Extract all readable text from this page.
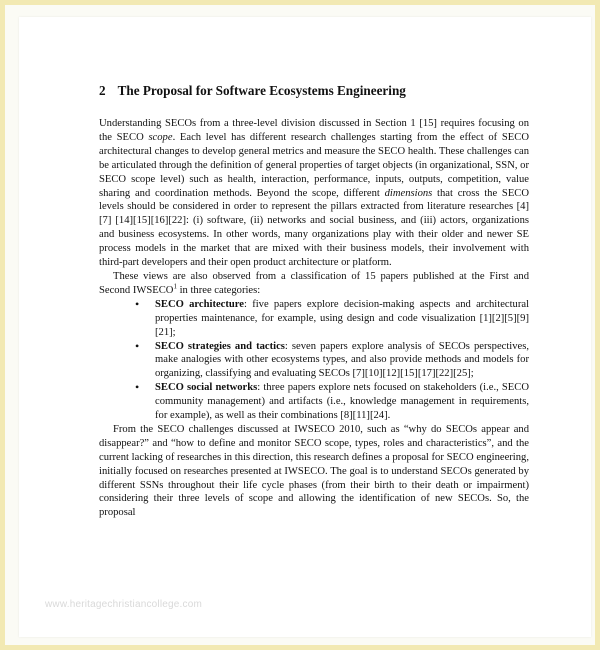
2 The Proposal for Software Ecosystems Engineering

Understanding SECOs from a three-level division discussed in Section 1 [15] requires focusing on the SECO scope. Each level has different research challenges starting from the effect of SECO architectural changes to develop general metrics and measure the SECO health. These challenges can be articulated through the definition of general properties of target objects (in organizational, SSN, or SECO scope level) such as health, interaction, performance, inputs, outputs, competition, value sharing and coordination methods. Beyond the scope, different dimensions that cross the SECO levels should be considered in order to represent the pillars extracted from literature researches [4] [7] [14][15][16][22]: (i) software, (ii) networks and social business, and (iii) actors, organizations and business ecosystems. In other words, many organizations play with their older and newer SE process models in the market that are mixed with their business models, their involvement with third-part developers and their open product architecture or platform.

These views are also observed from a classification of 15 papers published at the First and Second IWSECO$^1$ in three categories:

• SECO architecture: five papers explore decision-making aspects and architectural properties maintenance, for example, using design and code visualization [1][2][5][9][21];
• SECO strategies and tactics: seven papers explore analysis of SECOs perspectives, make analogies with other ecosystems types, and also provide methods and models for organizing, classifying and evaluating SECOs [7][10][12][15][17][22][25];
• SECO social networks: three papers explore nets focused on stakeholders (i.e., SECO community management) and artifacts (i.e., knowledge management in requirements, for example), as well as their combinations [8][11][24].

From the SECO challenges discussed at IWSECO 2010, such as “why do SECOs appear and disappear?” and “how to define and monitor SECO scope, types, roles and characteristics”, and the current lacking of researches in this direction, this research defines a proposal for SECO engineering, initially focused on researches presented at IWSECO. The goal is to understand SECOs generated by different SSNs throughout their life cycle phases (from their birth to their death or impairment) considering their three levels of scope and allowing the identification of new SECOs. So, the proposal

www.heritagechristiancollege.com
